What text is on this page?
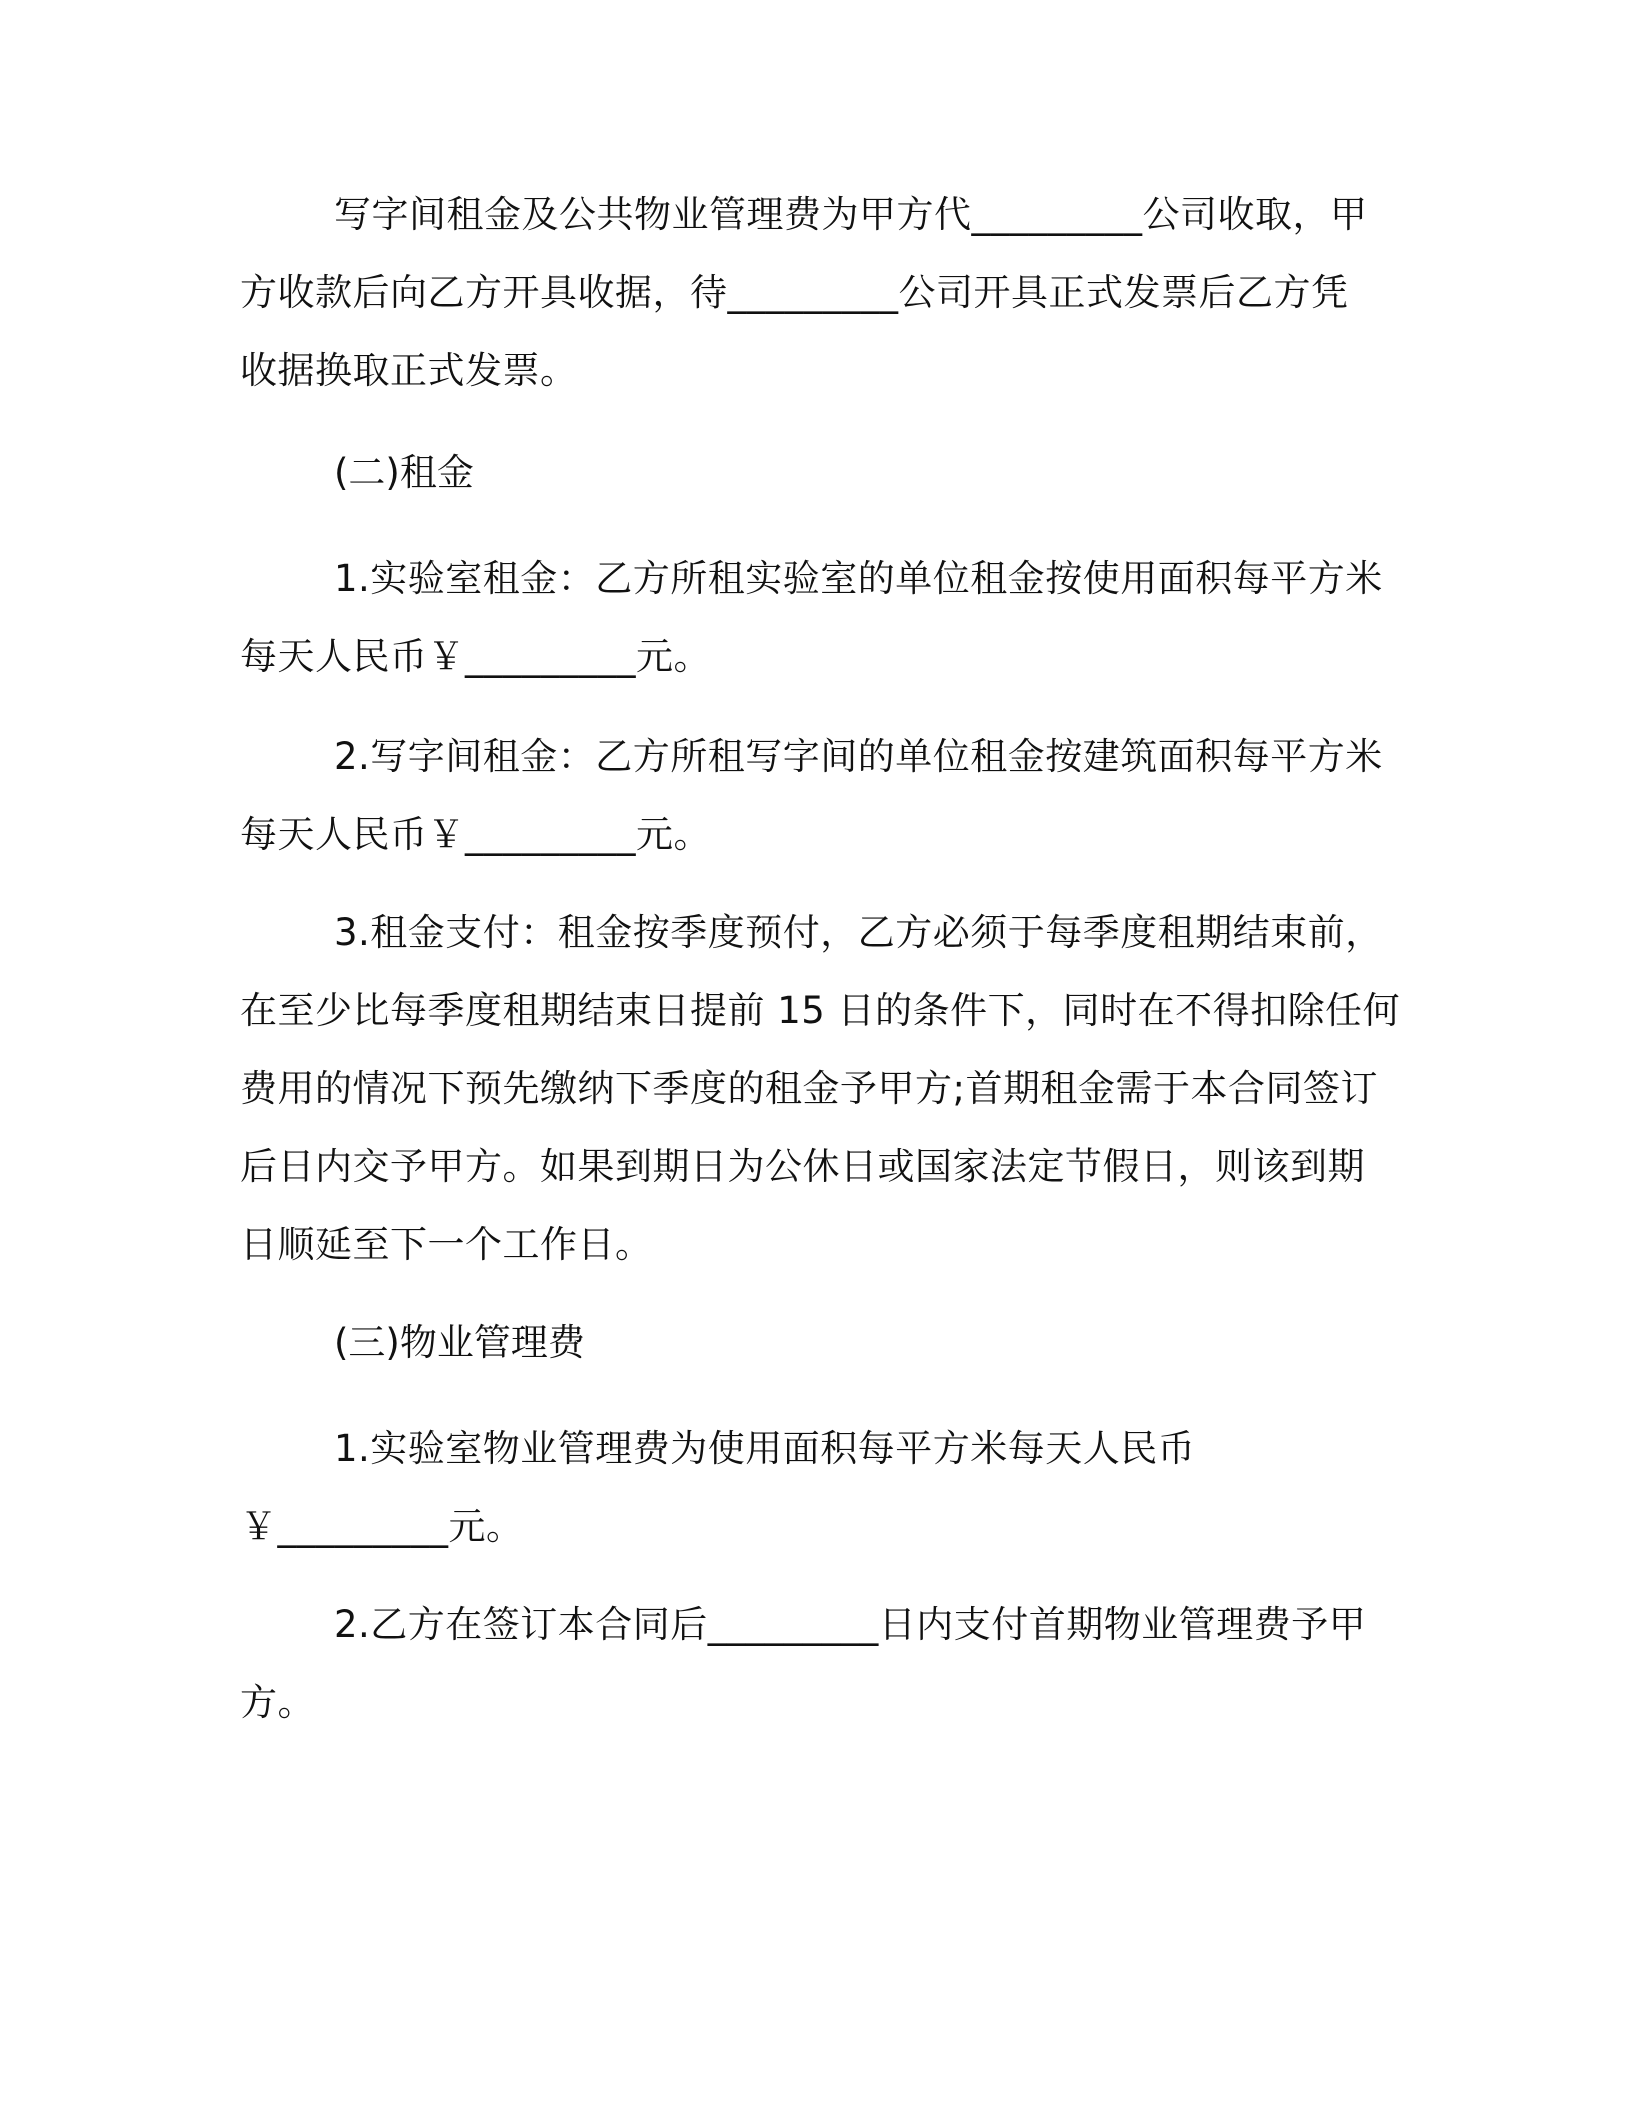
写字间租金及公共物业管理费为甲方代_________公司收取，甲
方收款后向乙方开具收据，待_________公司开具正式发票后乙方凭
收据换取正式发票。

(二)租金

1.实验室租金：乙方所租实验室的单位租金按使用面积每平方米
每天人民币￥_________元。

2.写字间租金：乙方所租写字间的单位租金按建筑面积每平方米
每天人民币￥_________元。

3.租金支付：租金按季度预付，乙方必须于每季度租期结束前，
在至少比每季度租期结束日提前 15 日的条件下，同时在不得扣除任何
费用的情况下预先缴纳下季度的租金予甲方;首期租金需于本合同签订
后日内交予甲方。如果到期日为公休日或国家法定节假日，则该到期
日顺延至下一个工作日。

(三)物业管理费

1.实验室物业管理费为使用面积每平方米每天人民币
￥_________元。

2.乙方在签订本合同后_________日内支付首期物业管理费予甲
方。
